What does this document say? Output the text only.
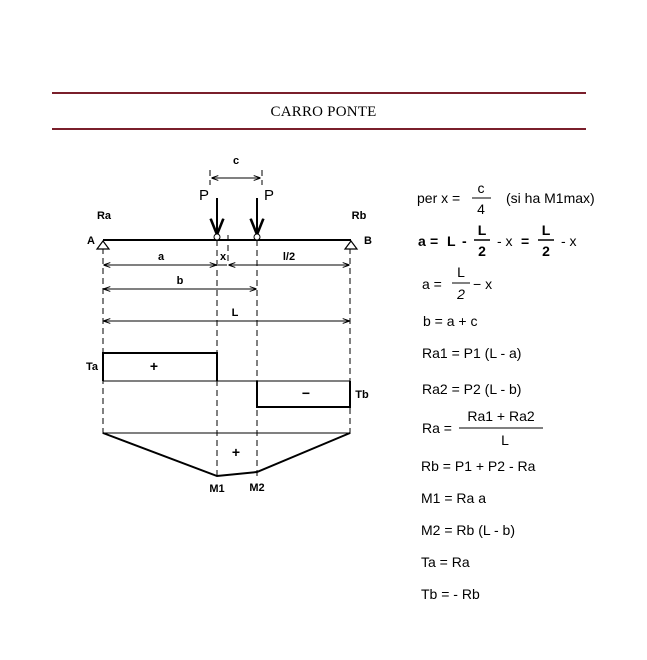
CARRO PONTE
c
P	P
Ra	Rb
A	B
a	x	l/2
b
L
Ta
Tb
+
−
+
M1 M2
per x =
c
4
(si ha M1max)
a = L -
L
2
- x =
L
2
- x
a =
L
2
− x
b = a + c
Ra1 = P1 (L - a)
Ra2 = P2 (L - b)
Ra =
Ra1 + Ra2
L
Rb = P1 + P2 - Ra
M1 = Ra a
M2 = Rb (L - b)
Ta = Ra
Tb = - Rb
